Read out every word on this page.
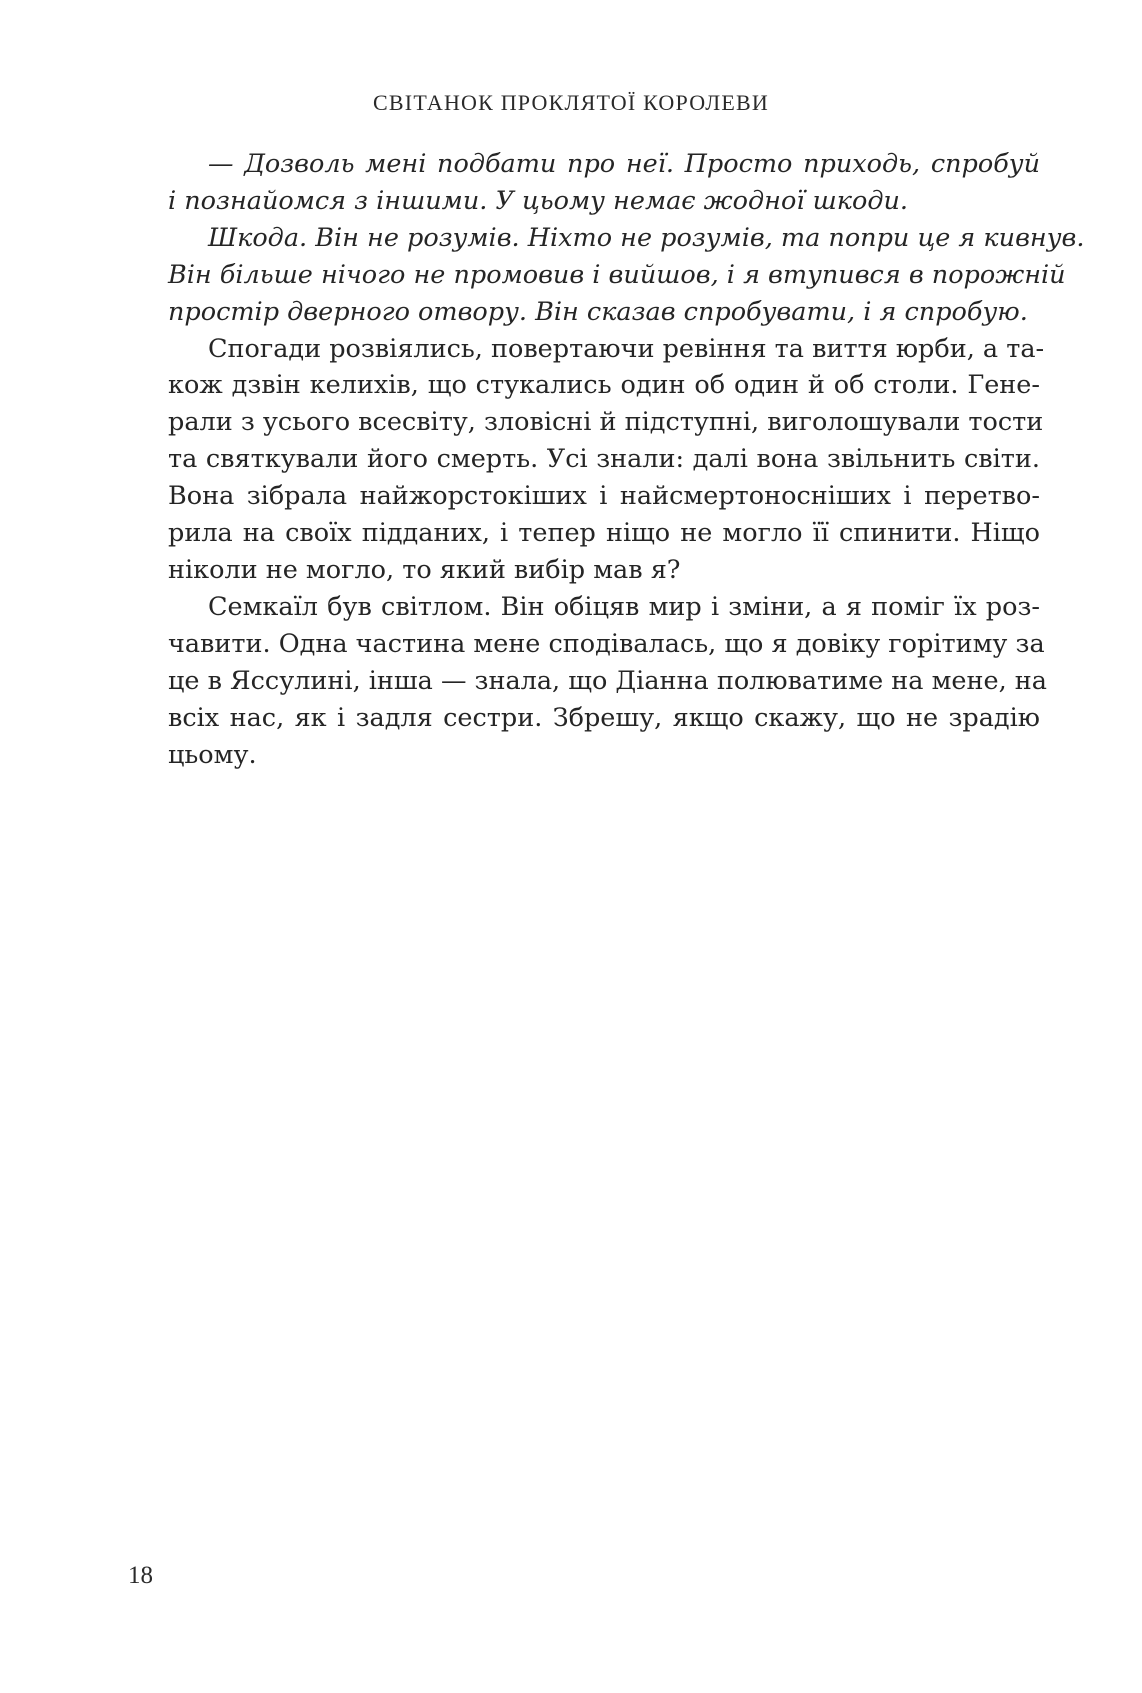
СВІТАНОК ПРОКЛЯТОЇ КОРОЛЕВИ

— Дозволь мені подбати про неї. Просто приходь, спробуй
і познайомся з іншими. У цьому немає жодної шкоди.

Шкода. Він не розумів. Ніхто не розумів, та попри це я кивнув.
Він більше нічого не промовив і вийшов, і я втупився в порожній
простір дверного отвору. Він сказав спробувати, і я спробую.

Спогади розвіялись, повертаючи ревіння та виття юрби, а та-
кож дзвін келихів, що стукались один об один й об столи. Гене-
рали з усього всесвіту, зловісні й підступні, виголошували тости
та святкували його смерть. Усі знали: далі вона звільнить світи.
Вона зібрала найжорстокіших і найсмертоносніших і перетво-
рила на своїх підданих, і тепер ніщо не могло її спинити. Ніщо
ніколи не могло, то який вибір мав я?

Семкаїл був світлом. Він обіцяв мир і зміни, а я поміг їх роз-
чавити. Одна частина мене сподівалась, що я довіку горітиму за
це в Яссулині, інша — знала, що Діанна полюватиме на мене, на
всіх нас, як і задля сестри. Збрешу, якщо скажу, що не зрадію
цьому.

18
